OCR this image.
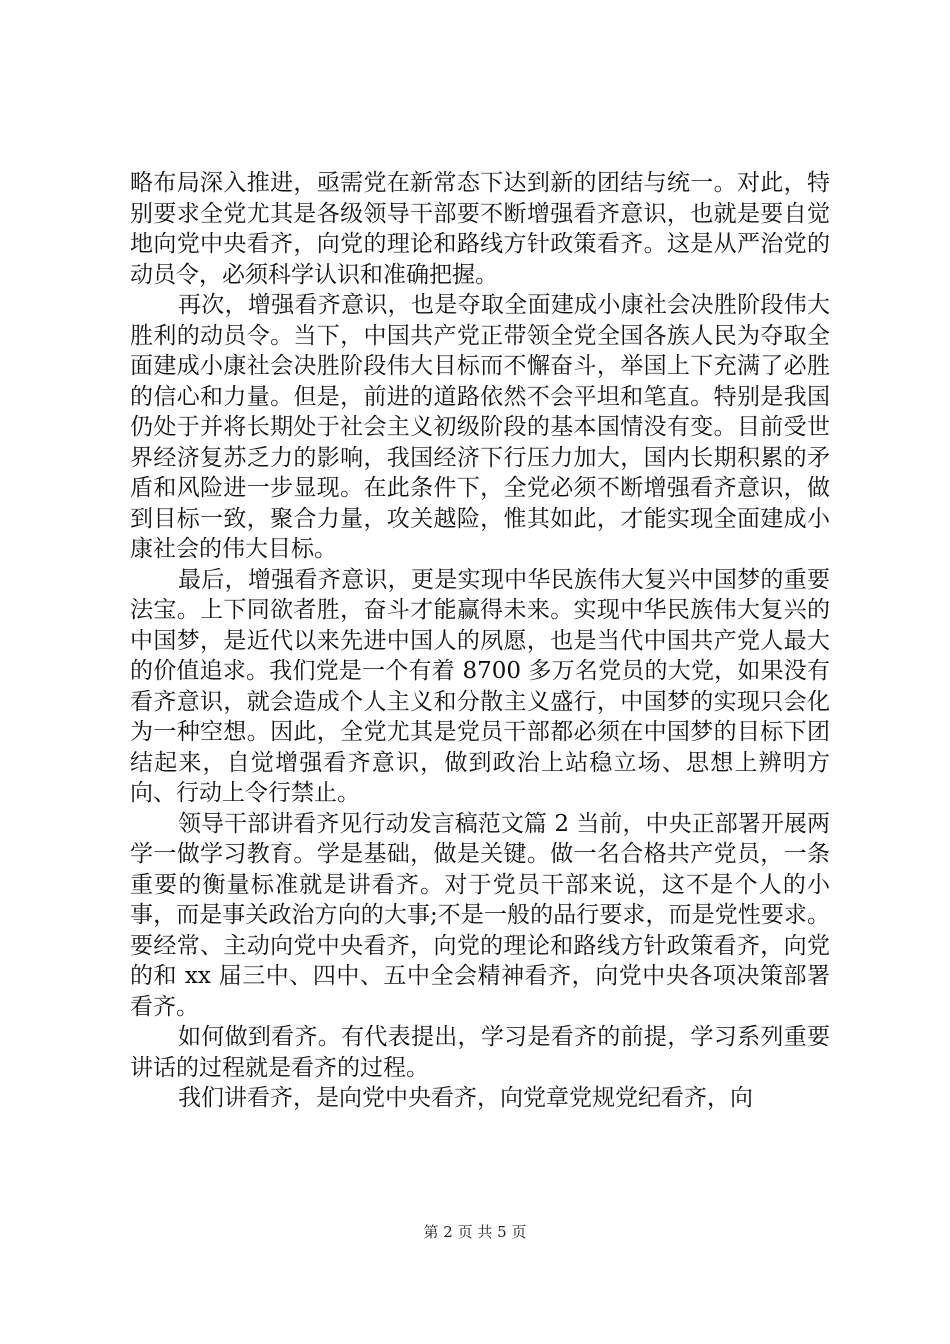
略布局深入推进，亟需党在新常态下达到新的团结与统一。对此，特别要求全党尤其是各级领导干部要不断增强看齐意识，也就是要自觉地向党中央看齐，向党的理论和路线方针政策看齐。这是从严治党的动员令，必须科学认识和准确把握。

再次，增强看齐意识，也是夺取全面建成小康社会决胜阶段伟大胜利的动员令。当下，中国共产党正带领全党全国各族人民为夺取全面建成小康社会决胜阶段伟大目标而不懈奋斗，举国上下充满了必胜的信心和力量。但是，前进的道路依然不会平坦和笔直。特别是我国仍处于并将长期处于社会主义初级阶段的基本国情没有变。目前受世界经济复苏乏力的影响，我国经济下行压力加大，国内长期积累的矛盾和风险进一步显现。在此条件下，全党必须不断增强看齐意识，做到目标一致，聚合力量，攻关越险，惟其如此，才能实现全面建成小康社会的伟大目标。

最后，增强看齐意识，更是实现中华民族伟大复兴中国梦的重要法宝。上下同欲者胜，奋斗才能赢得未来。实现中华民族伟大复兴的中国梦，是近代以来先进中国人的夙愿，也是当代中国共产党人最大的价值追求。我们党是一个有着 8700 多万名党员的大党，如果没有看齐意识，就会造成个人主义和分散主义盛行，中国梦的实现只会化为一种空想。因此，全党尤其是党员干部都必须在中国梦的目标下团结起来，自觉增强看齐意识，做到政治上站稳立场、思想上辨明方向、行动上令行禁止。

领导干部讲看齐见行动发言稿范文篇 2 当前，中央正部署开展两学一做学习教育。学是基础，做是关键。做一名合格共产党员，一条重要的衡量标准就是讲看齐。对于党员干部来说，这不是个人的小事，而是事关政治方向的大事;不是一般的品行要求，而是党性要求。要经常、主动向党中央看齐，向党的理论和路线方针政策看齐，向党的和 xx 届三中、四中、五中全会精神看齐，向党中央各项决策部署看齐。

如何做到看齐。有代表提出，学习是看齐的前提，学习系列重要讲话的过程就是看齐的过程。

我们讲看齐，是向党中央看齐，向党章党规党纪看齐，向

第 2 页 共 5 页
